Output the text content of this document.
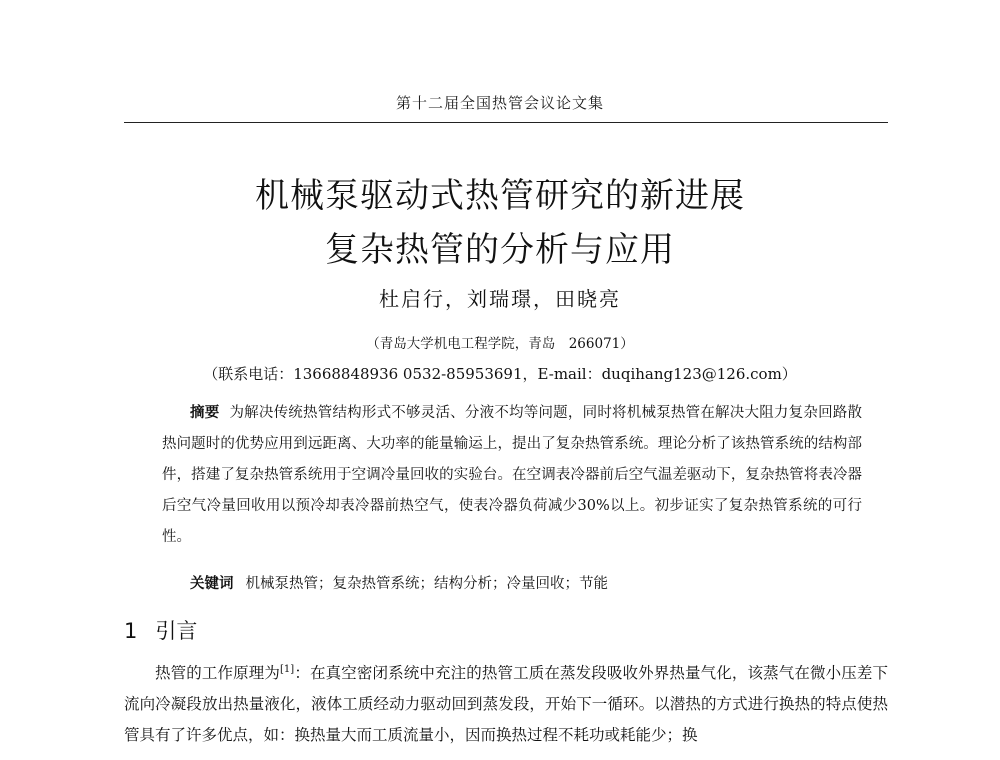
第十二届全国热管会议论文集
机械泵驱动式热管研究的新进展
复杂热管的分析与应用
杜启行，刘瑞璟，田晓亮
（青岛大学机电工程学院，青岛　266071）
（联系电话：13668848936 0532-85953691，E-mail：duqihang123@126.com）
摘要 为解决传统热管结构形式不够灵活、分液不均等问题，同时将机械泵热管在解决大阻力复杂回路散热问题时的优势应用到远距离、大功率的能量输运上，提出了复杂热管系统。理论分析了该热管系统的结构部件，搭建了复杂热管系统用于空调冷量回收的实验台。在空调表冷器前后空气温差驱动下，复杂热管将表冷器后空气冷量回收用以预冷却表冷器前热空气，使表冷器负荷减少30%以上。初步证实了复杂热管系统的可行性。
关键词 机械泵热管；复杂热管系统；结构分析；冷量回收；节能
1 引言
热管的工作原理为[1]：在真空密闭系统中充注的热管工质在蒸发段吸收外界热量气化，该蒸气在微小压差下流向冷凝段放出热量液化，液体工质经动力驱动回到蒸发段，开始下一循环。以潜热的方式进行换热的特点使热管具有了许多优点，如：换热量大而工质流量小，因而换热过程不耗功或耗能少；换
